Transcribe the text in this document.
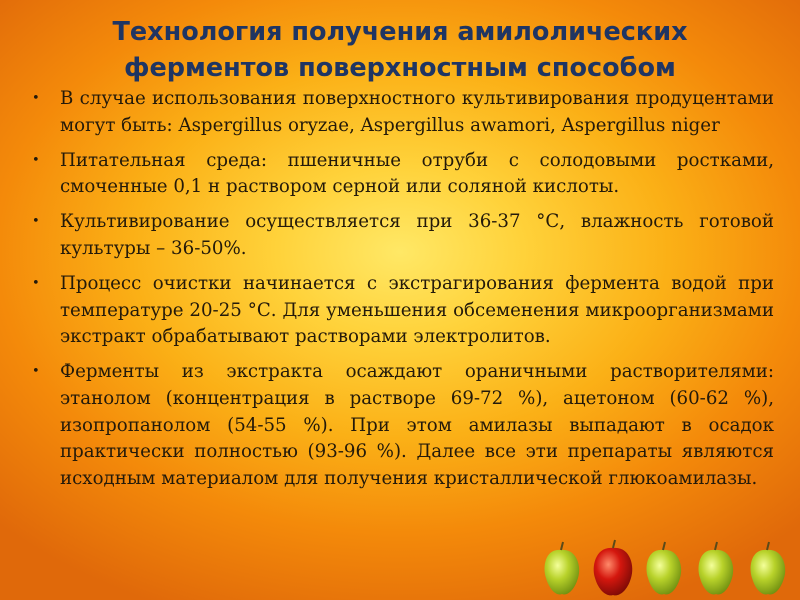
Технология получения амилолических
ферментов поверхностным способом
• В случае использования поверхностного культивирования продуцентами могут быть: Aspergillus oryzae, Aspergillus awamori, Aspergillus niger
• Питательная среда: пшеничные отруби с солодовыми ростками, смоченные 0,1 н раствором серной или соляной кислоты.
• Культивирование осуществляется при 36-37 °С, влажность готовой культуры – 36-50%.
• Процесс очистки начинается с экстрагирования фермента водой при температуре 20-25 °С. Для уменьшения обсеменения микроорганизмами экстракт обрабатывают растворами электролитов.
• Ферменты из экстракта осаждают ораничными растворителями: этанолом (концентрация в растворе 69-72 %), ацетоном (60-62 %), изопропанолом (54-55 %). При этом амилазы выпадают в осадок практически полностью (93-96 %). Далее все эти препараты являются исходным материалом для получения кристаллической глюкоамилазы.
